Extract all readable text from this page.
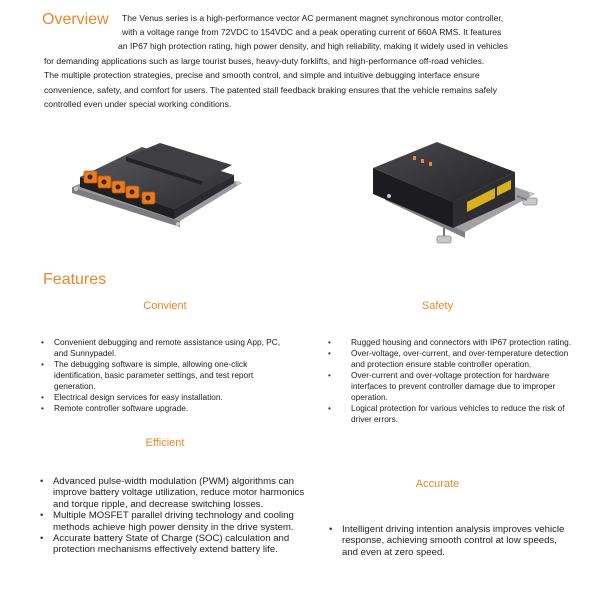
Overview The Venus series is a high-performance vector AC permanent magnet synchronous motor controller,
with a voltage range from 72VDC to 154VDC and a peak operating current of 660A RMS. It features
an IP67 high protection rating, high power density, and high reliability, making it widely used in vehicles
for demanding applications such as large tourist buses, heavy-duty forklifts, and high-performance off-road vehicles.
The multiple protection strategies, precise and smooth control, and simple and intuitive debugging interface ensure
convenience, safety, and comfort for users. The patented stall feedback braking ensures that the vehicle remains safely
controlled even under special working conditions.
Features
Convient
• Convenient debugging and remote assistance using App, PC, and Sunnypadel.
• The debugging software is simple, allowing one-click identification, basic parameter settings, and test report generation.
• Electrical design services for easy installation.
• Remote controller software upgrade.
Efficient
• Advanced pulse-width modulation (PWM) algorithms can improve battery voltage utilization, reduce motor harmonics and torque ripple, and decrease switching losses.
• Multiple MOSFET parallel driving technology and cooling methods achieve high power density in the drive system.
• Accurate battery State of Charge (SOC) calculation and protection mechanisms effectively extend battery life.
Safety
• Rugged housing and connectors with IP67 protection rating.
• Over-voltage, over-current, and over-temperature detection and protection ensure stable controller operation.
• Over-current and over-voltage protection for hardware interfaces to prevent controller damage due to improper operation.
• Logical protection for various vehicles to reduce the risk of driver errors.
Accurate
• Intelligent driving intention analysis improves vehicle response, achieving smooth control at low speeds, and even at zero speed.
